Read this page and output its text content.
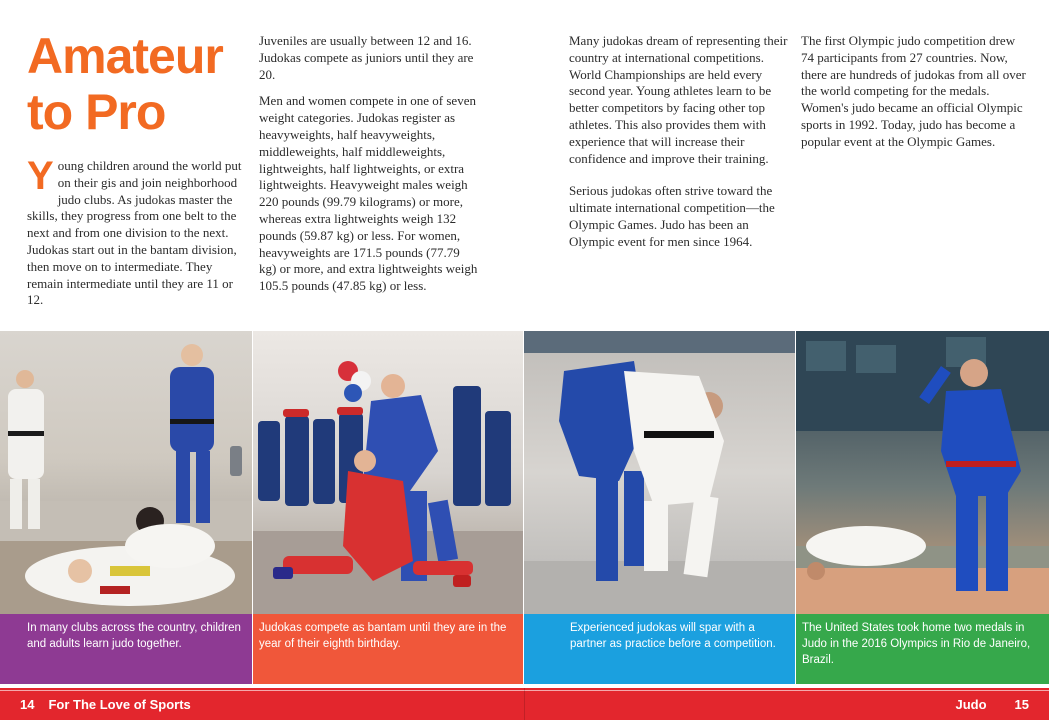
Amateur
to Pro

Young children around the world put on their gis and join neighborhood judo clubs. As judokas master the skills, they progress from one belt to the next and from one division to the next. Judokas start out in the bantam division, then move on to intermediate. They remain intermediate until they are 11 or 12.

Juveniles are usually between 12 and 16. Judokas compete as juniors until they are 20.

Men and women compete in one of seven weight categories. Judokas register as heavyweights, half heavyweights, middleweights, half middleweights, lightweights, half lightweights, or extra lightweights. Heavyweight males weigh 220 pounds (99.79 kilograms) or more, whereas extra lightweights weigh 132 pounds (59.87 kg) or less. For women, heavyweights are 171.5 pounds (77.79 kg) or more, and extra lightweights weigh 105.5 pounds (47.85 kg) or less.

Many judokas dream of representing their country at international competitions. World Championships are held every second year. Young athletes learn to be better competitors by facing other top athletes. This also provides them with experience that will increase their confidence and improve their training.

Serious judokas often strive toward the ultimate international competition—the Olympic Games. Judo has been an Olympic event for men since 1964.

The first Olympic judo competition drew 74 participants from 27 countries. Now, there are hundreds of judokas from all over the world competing for the medals. Women's judo became an official Olympic sports in 1992. Today, judo has become a popular event at the Olympic Games.

In many clubs across the country, children and adults learn judo together.
Judokas compete as bantam until they are in the year of their eighth birthday.
Experienced judokas will spar with a partner as practice before a competition.
The United States took home two medals in Judo in the 2016 Olympics in Rio de Janeiro, Brazil.
14 For The Love of Sports	Judo 15
